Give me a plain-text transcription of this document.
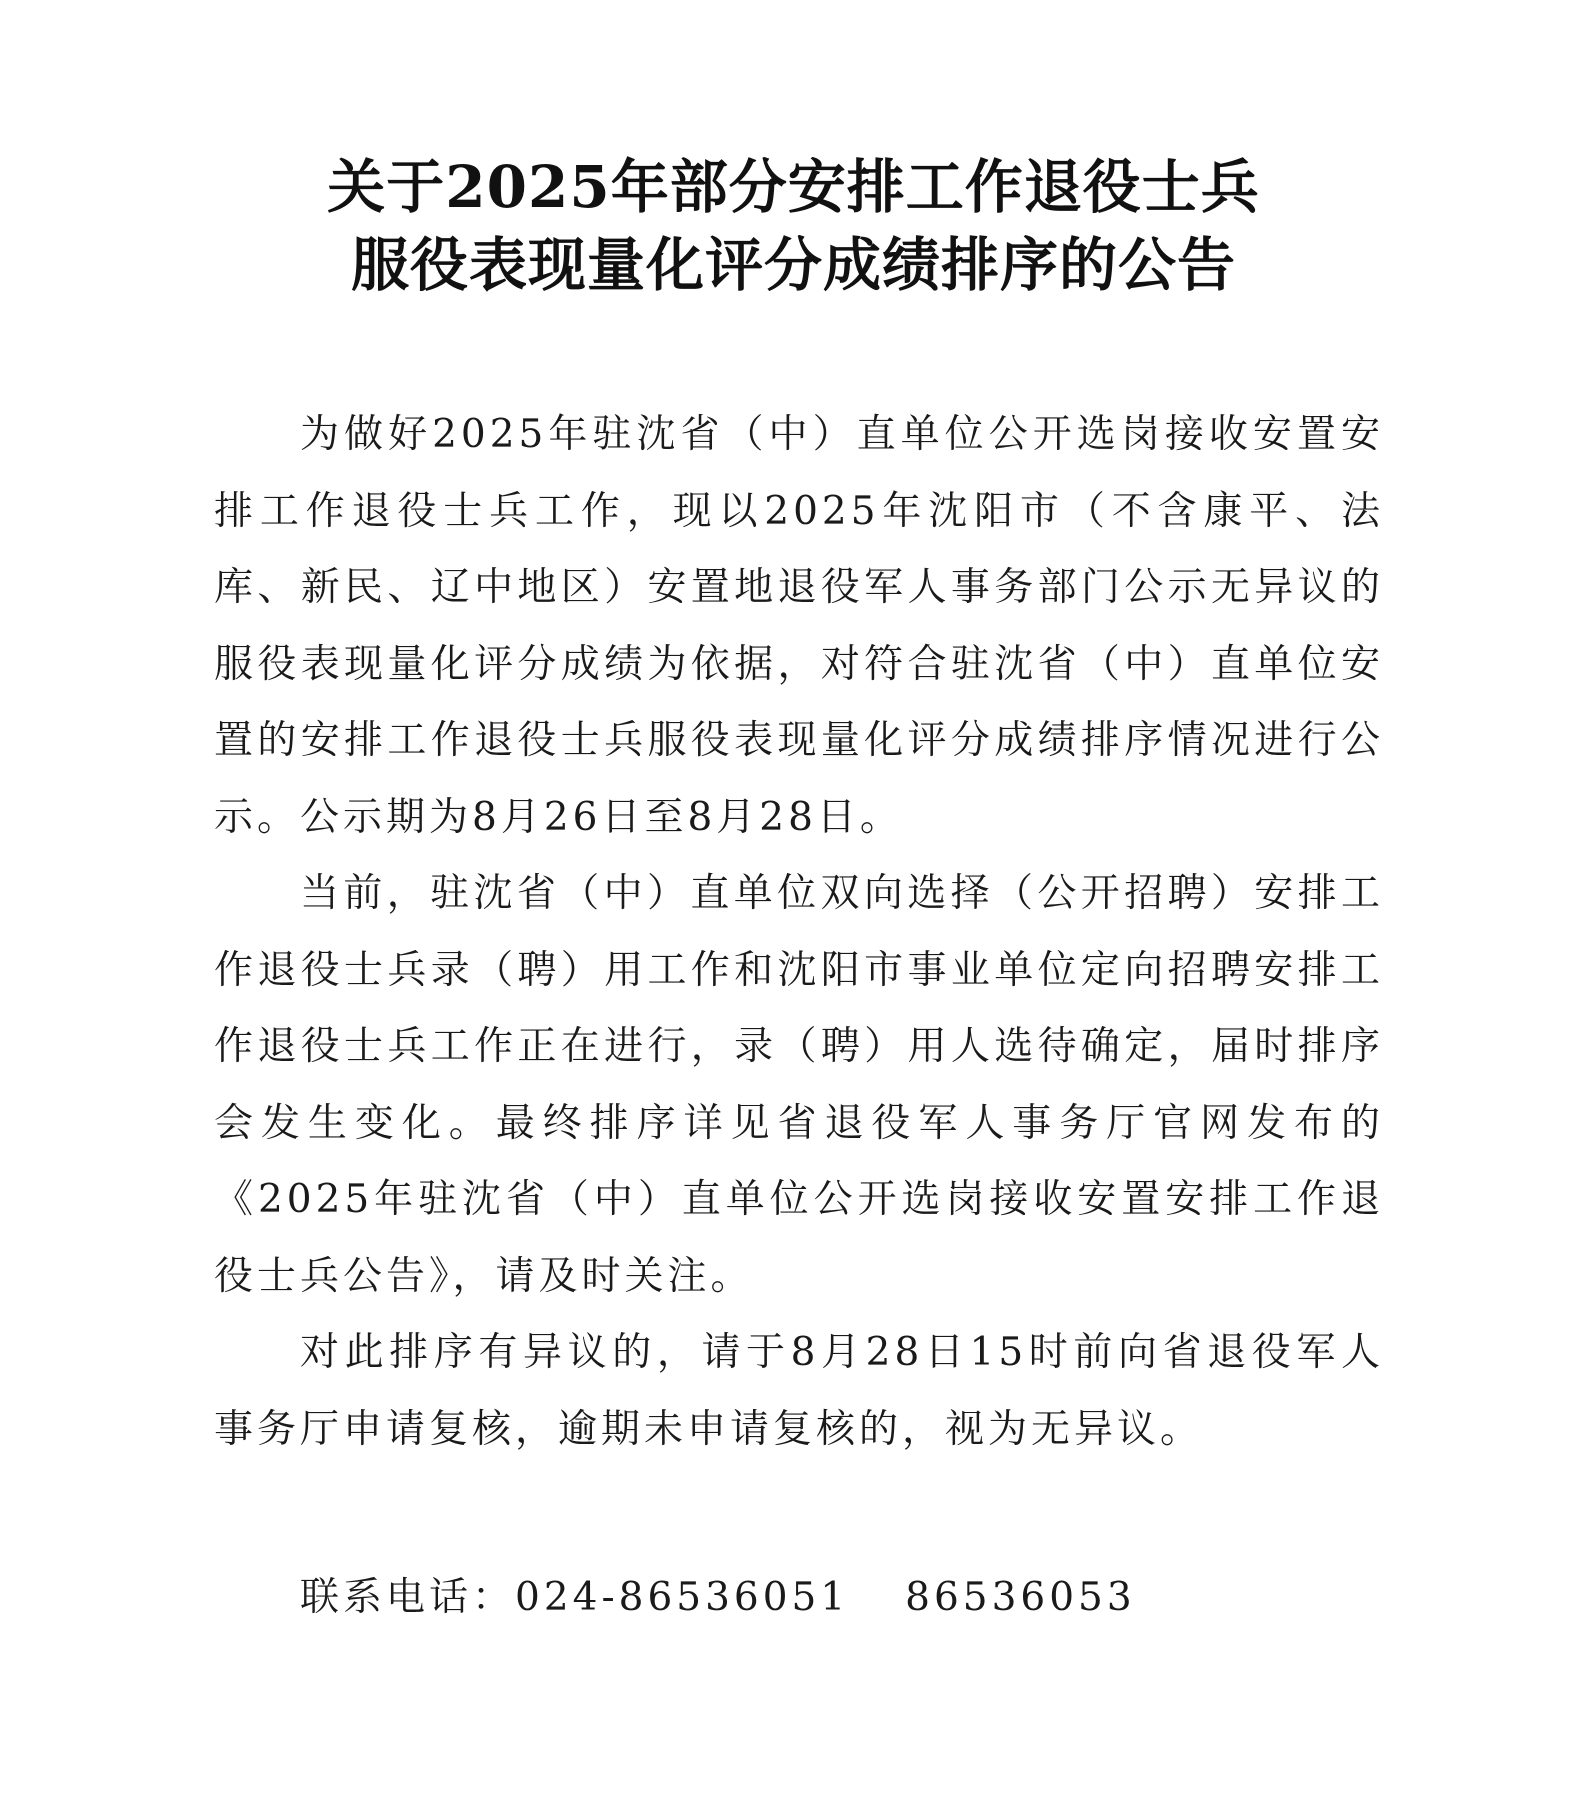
关于2025年部分安排工作退役士兵
服役表现量化评分成绩排序的公告

为做好2025年驻沈省（中）直单位公开选岗接收安置安排工作退役士兵工作，现以2025年沈阳市（不含康平、法库、新民、辽中地区）安置地退役军人事务部门公示无异议的服役表现量化评分成绩为依据，对符合驻沈省（中）直单位安置的安排工作退役士兵服役表现量化评分成绩排序情况进行公示。公示期为8月26日至8月28日。

当前，驻沈省（中）直单位双向选择（公开招聘）安排工作退役士兵录（聘）用工作和沈阳市事业单位定向招聘安排工作退役士兵工作正在进行，录（聘）用人选待确定，届时排序会发生变化。最终排序详见省退役军人事务厅官网发布的《2025年驻沈省（中）直单位公开选岗接收安置安排工作退役士兵公告》，请及时关注。

对此排序有异议的，请于8月28日15时前向省退役军人事务厅申请复核，逾期未申请复核的，视为无异议。

联系电话：024-86536051 86536053
